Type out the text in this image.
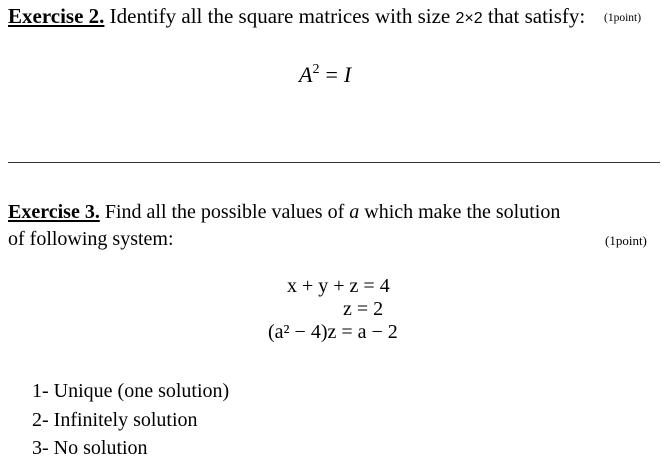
Exercise 2. Identify all the square matrices with size 2×2 that satisfy: (1point)
$A^2 = I$
Exercise 3. Find all the possible values of a which make the solution
of following system:	(1point)
x + y + z = 4
z = 2
(a² − 4)z = a − 2
1- Unique (one solution)
2- Infinitely solution
3- No solution
